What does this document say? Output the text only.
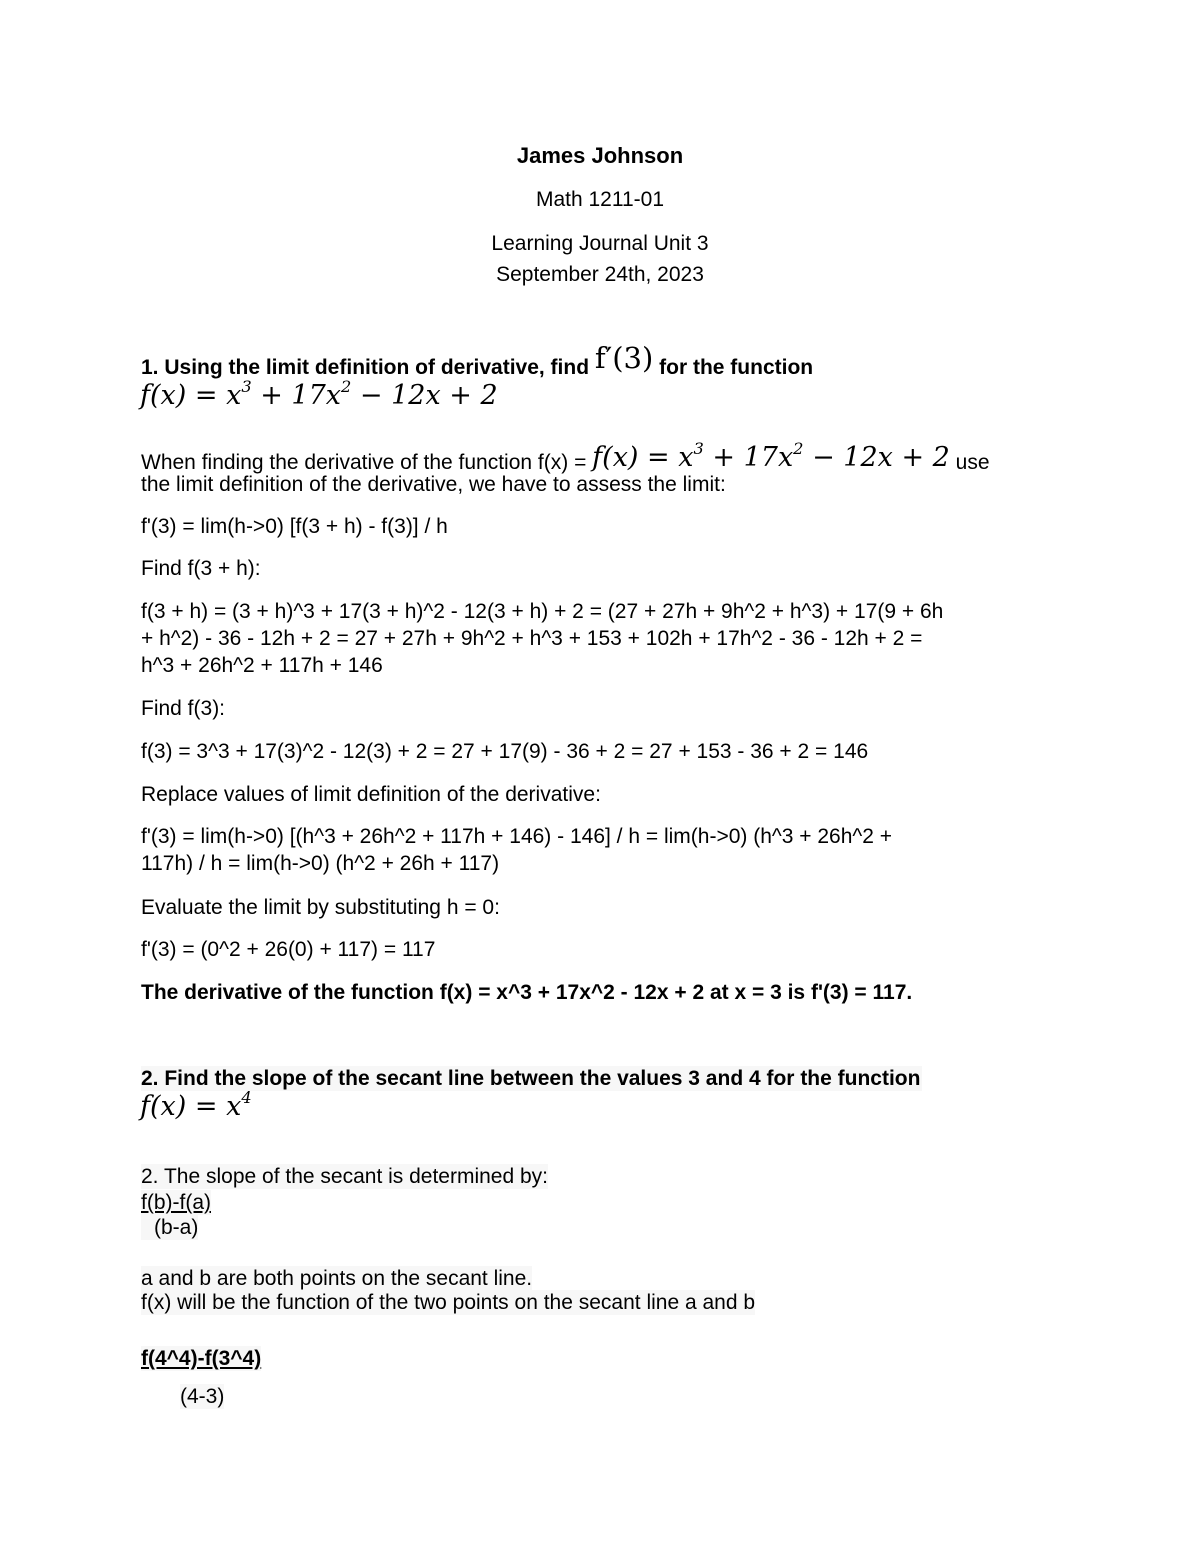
James Johnson
Math 1211-01
Learning Journal Unit 3
September 24th, 2023
1. Using the limit definition of derivative, find f′(3) for the function
$f(x) = x^3 + 17x^2 - 12x + 2$
When finding the derivative of the function $f(x) = f(x) = x^3 + 17x^2 - 12x + 2$ use
the limit definition of the derivative, we have to assess the limit:
f'(3) = lim(h->0) [f(3 + h) - f(3)] / h
Find f(3 + h):
f(3 + h) = (3 + h)^3 + 17(3 + h)^2 - 12(3 + h) + 2 = (27 + 27h + 9h^2 + h^3) + 17(9 + 6h
+ h^2) - 36 - 12h + 2 = 27 + 27h + 9h^2 + h^3 + 153 + 102h + 17h^2 - 36 - 12h + 2 =
h^3 + 26h^2 + 117h + 146
Find f(3):
f(3) = 3^3 + 17(3)^2 - 12(3) + 2 = 27 + 17(9) - 36 + 2 = 27 + 153 - 36 + 2 = 146
Replace values of limit definition of the derivative:
f'(3) = lim(h->0) [(h^3 + 26h^2 + 117h + 146) - 146] / h = lim(h->0) (h^3 + 26h^2 +
117h) / h = lim(h->0) (h^2 + 26h + 117)
Evaluate the limit by substituting h = 0:
f'(3) = (0^2 + 26(0) + 117) = 117
The derivative of the function f(x) = x^3 + 17x^2 - 12x + 2 at x = 3 is f'(3) = 117.
2. Find the slope of the secant line between the values 3 and 4 for the function
$f(x) = x^4$
2. The slope of the secant is determined by:
f(b)-f(a)
(b-a)
a and b are both points on the secant line.
f(x) will be the function of the two points on the secant line a and b
f(4^4)-f(3^4)
(4-3)
